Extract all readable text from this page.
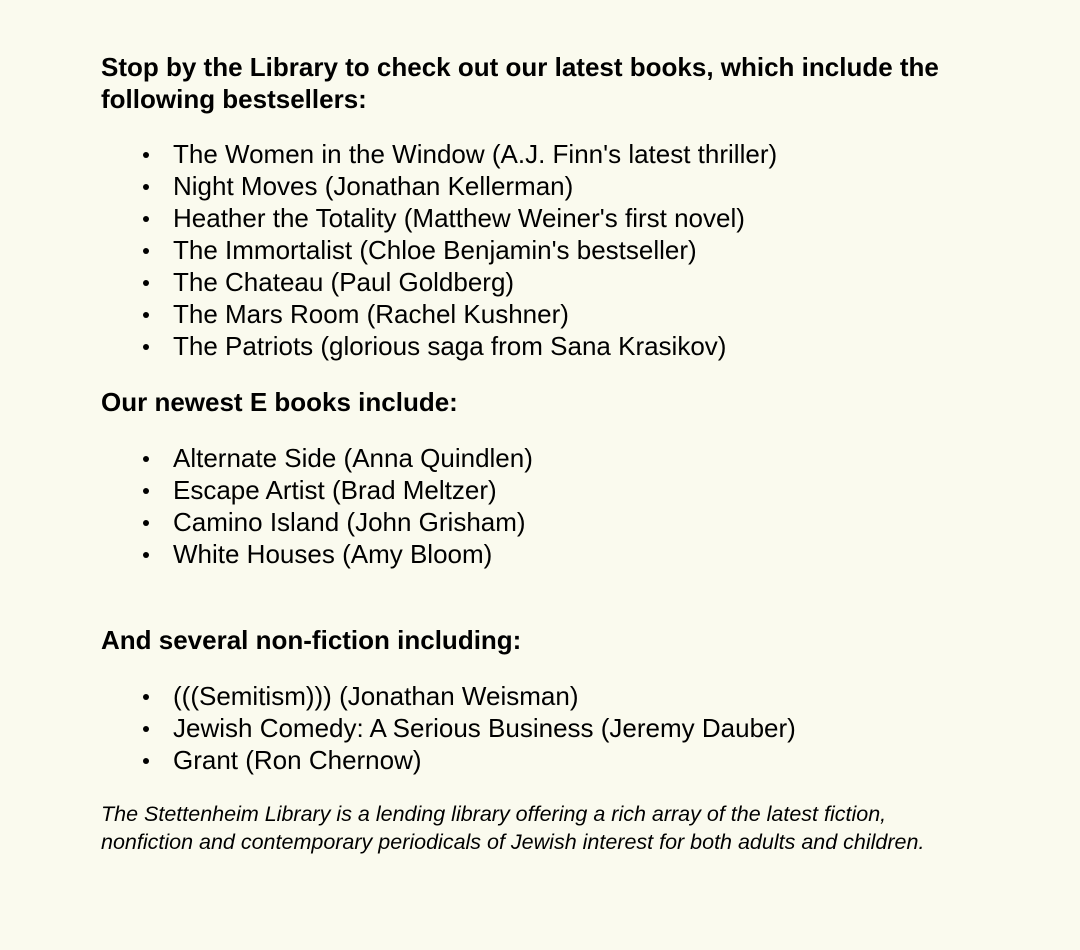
Stop by the Library to check out our latest books, which include the following bestsellers:

The Women in the Window (A.J. Finn's latest thriller)
Night Moves (Jonathan Kellerman)
Heather the Totality (Matthew Weiner's first novel)
The Immortalist (Chloe Benjamin's bestseller)
The Chateau (Paul Goldberg)
The Mars Room (Rachel Kushner)
The Patriots (glorious saga from Sana Krasikov)

Our newest E books include:

Alternate Side (Anna Quindlen)
Escape Artist (Brad Meltzer)
Camino Island (John Grisham)
White Houses (Amy Bloom)

And several non-fiction including:

(((Semitism))) (Jonathan Weisman)
Jewish Comedy: A Serious Business (Jeremy Dauber)
Grant (Ron Chernow)

The Stettenheim Library is a lending library offering a rich array of the latest fiction, nonfiction and contemporary periodicals of Jewish interest for both adults and children.
